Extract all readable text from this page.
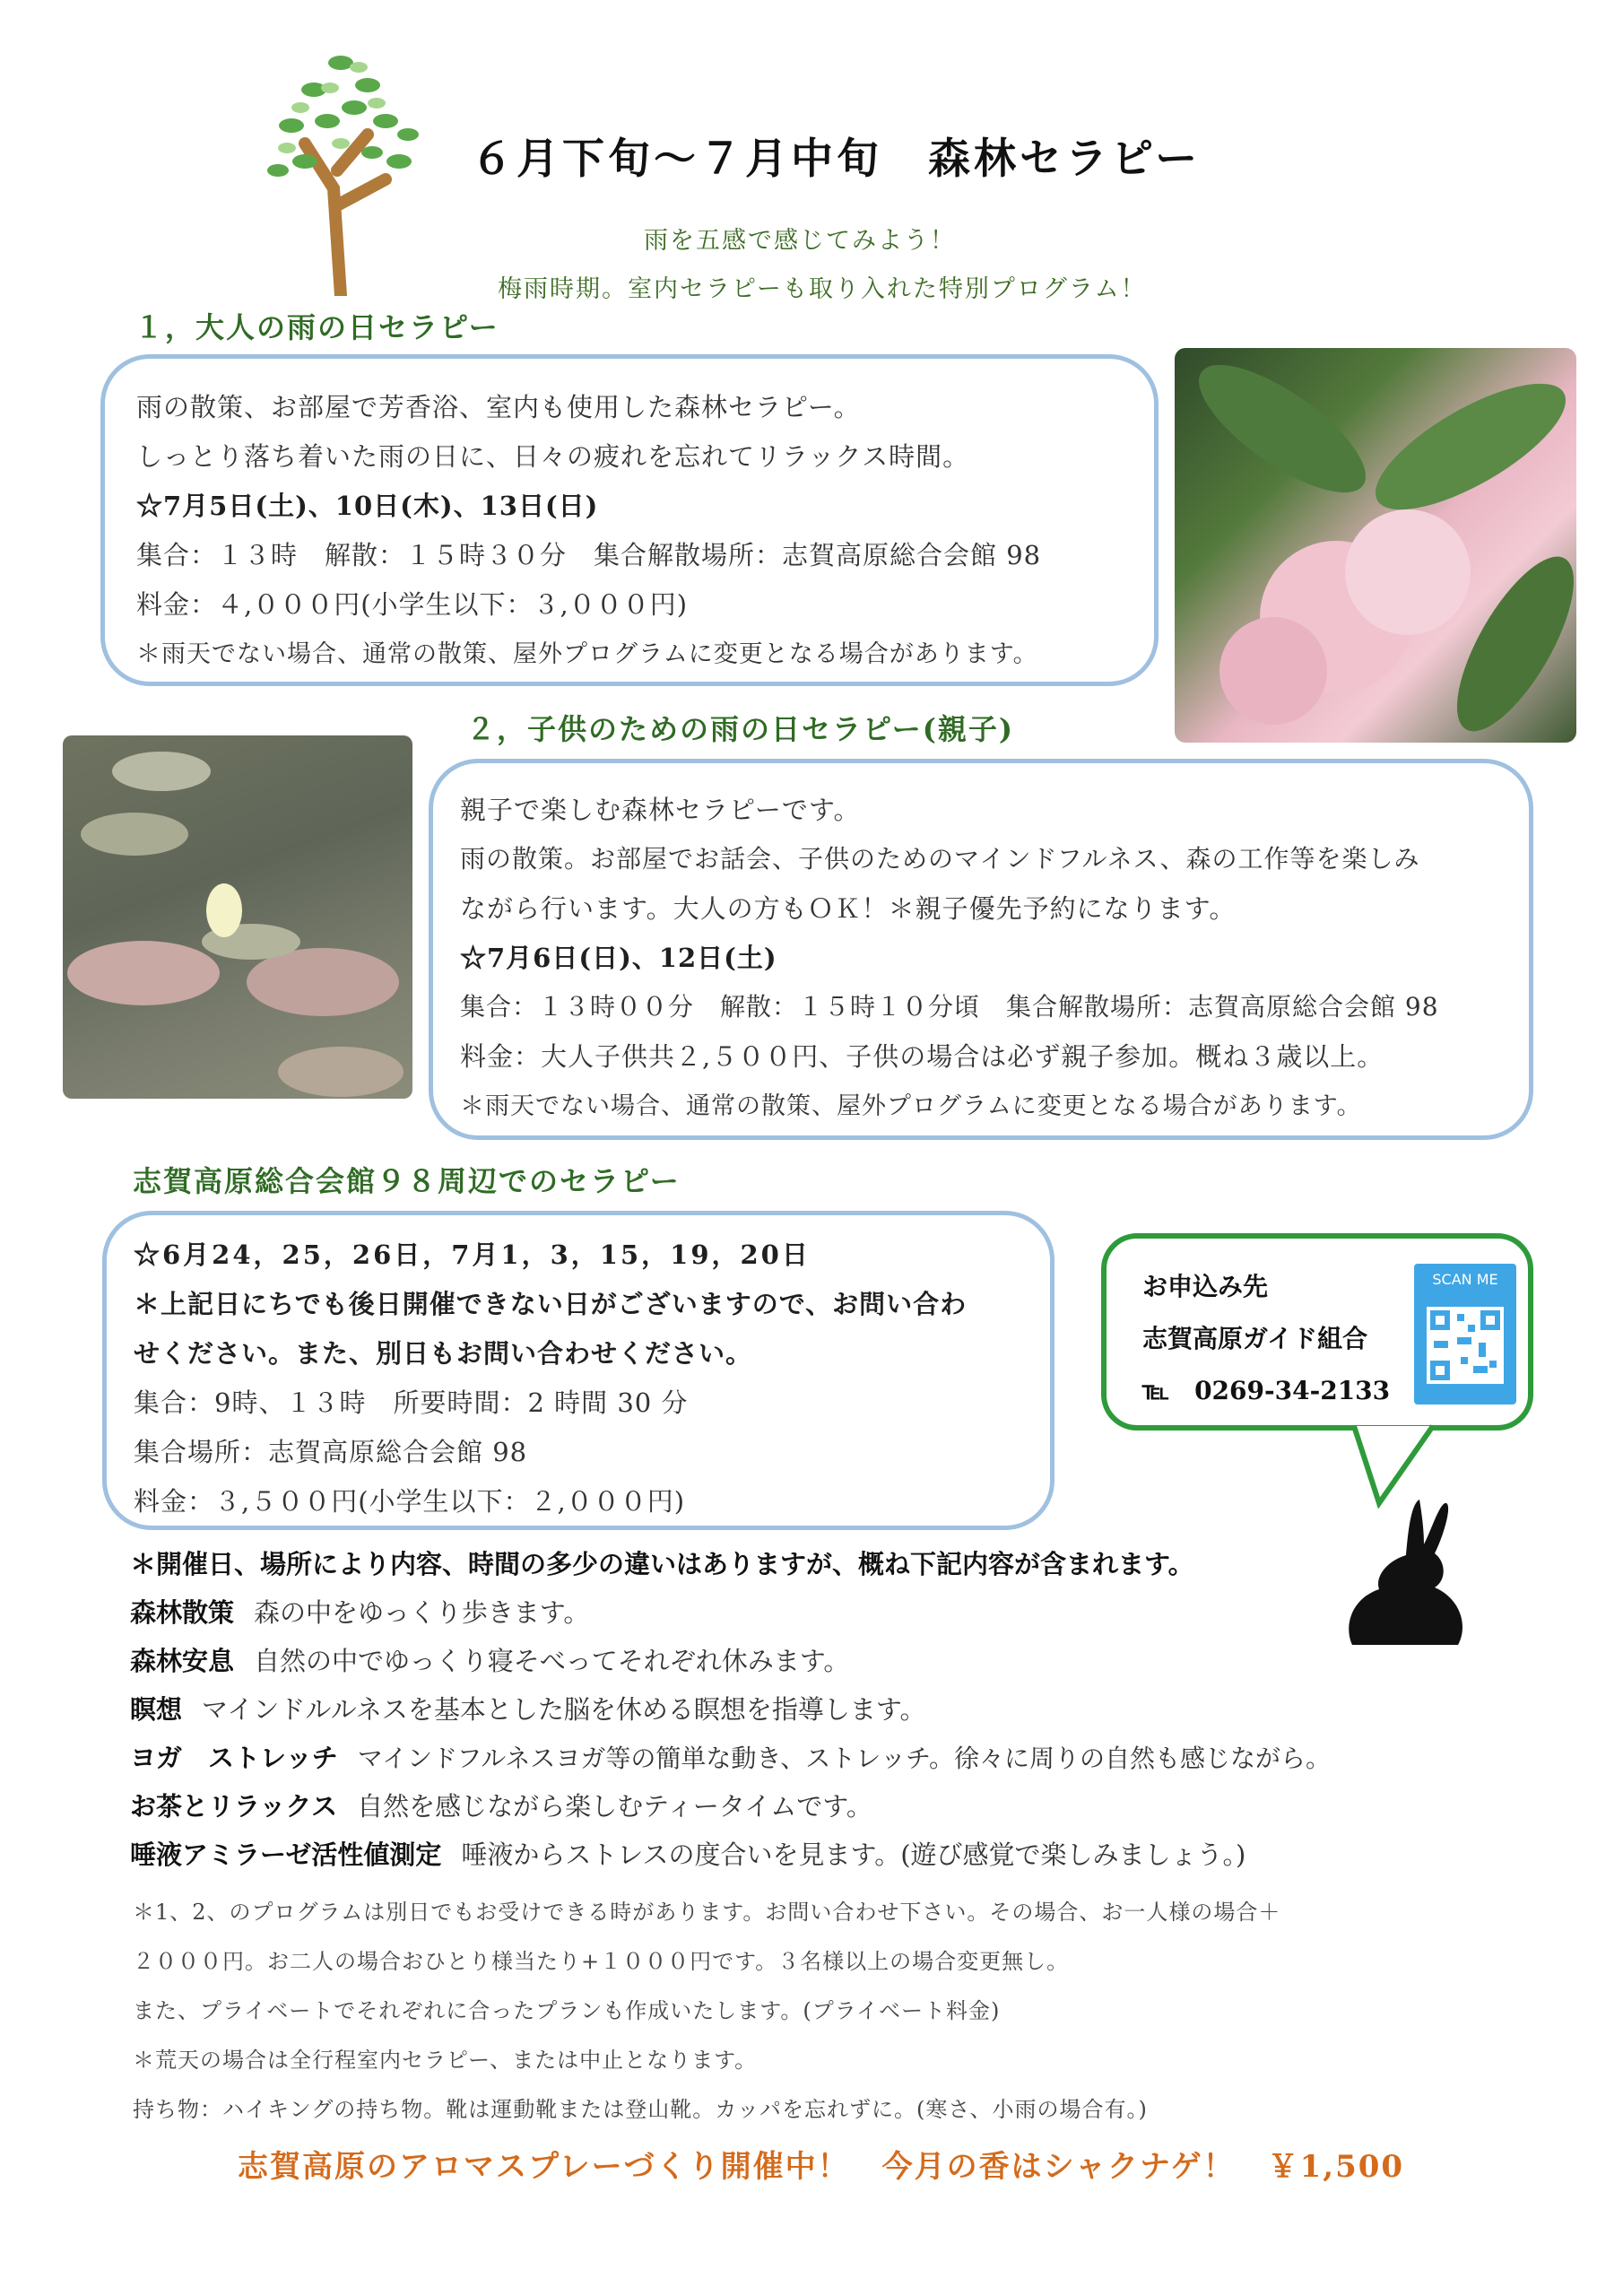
６月下旬～７月中旬　森林セラピー
雨を五感で感じてみよう！
梅雨時期。室内セラピーも取り入れた特別プログラム！
１，大人の雨の日セラピー
雨の散策、お部屋で芳香浴、室内も使用した森林セラピー。
しっとり落ち着いた雨の日に、日々の疲れを忘れてリラックス時間。
☆7月5日(土)、10日(木)、13日(日)
集合：１３時　解散：１５時３０分　集合解散場所：志賀高原総合会館 98
料金：４,０００円(小学生以下：３,０００円)
＊雨天でない場合、通常の散策、屋外プログラムに変更となる場合があります。
２，子供のための雨の日セラピー(親子)
親子で楽しむ森林セラピーです。
雨の散策。お部屋でお話会、子供のためのマインドフルネス、森の工作等を楽しみ
ながら行います。大人の方もＯＫ！＊親子優先予約になります。
☆7月6日(日)、12日(土)
集合：１３時００分　解散：１５時１０分頃　集合解散場所：志賀高原総合会館 98
料金：大人子供共２,５００円、子供の場合は必ず親子参加。概ね３歳以上。
＊雨天でない場合、通常の散策、屋外プログラムに変更となる場合があります。
志賀高原総合会館９８周辺でのセラピー
☆6月24，25，26日，7月1，3，15，19，20日
＊上記日にちでも後日開催できない日がございますので、お問い合わ
せください。また、別日もお問い合わせください。
集合：9時、１３時　所要時間：2 時間 30 分
集合場所：志賀高原総合会館 98
料金：３,５００円(小学生以下：２,０００円)
お申込み先
志賀高原ガイド組合
℡　0269-34-2133
SCAN ME
＊開催日、場所により内容、時間の多少の違いはありますが、概ね下記内容が含まれます。
森林散策 森の中をゆっくり歩きます。
森林安息 自然の中でゆっくり寝そべってそれぞれ休みます。
瞑想 マインドルルネスを基本とした脳を休める瞑想を指導します。
ヨガ　ストレッチ マインドフルネスヨガ等の簡単な動き、ストレッチ。徐々に周りの自然も感じながら。
お茶とリラックス 自然を感じながら楽しむティータイムです。
唾液アミラーゼ活性値測定 唾液からストレスの度合いを見ます。(遊び感覚で楽しみましょう。)
＊1、2、のプログラムは別日でもお受けできる時があります。お問い合わせ下さい。その場合、お一人様の場合＋
２０００円。お二人の場合おひとり様当たり+１０００円です。３名様以上の場合変更無し。
また、プライベートでそれぞれに合ったプランも作成いたします。(プライベート料金)
＊荒天の場合は全行程室内セラピー、または中止となります。
持ち物：ハイキングの持ち物。靴は運動靴または登山靴。カッパを忘れずに。(寒さ、小雨の場合有。)
志賀高原のアロマスプレーづくり開催中！　今月の香はシャクナゲ！　￥1,500
